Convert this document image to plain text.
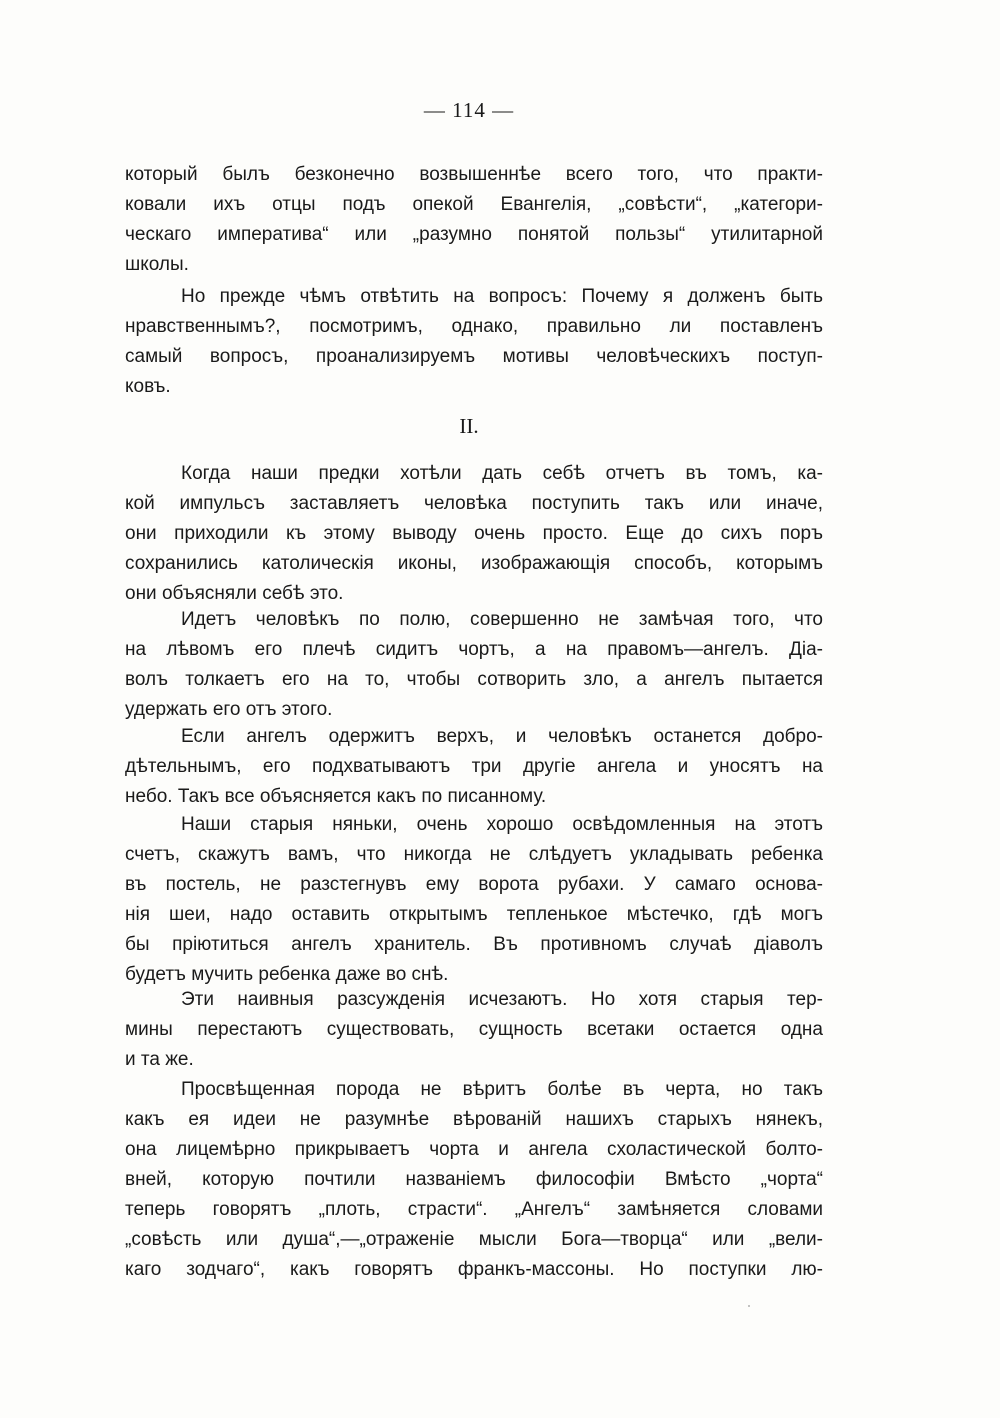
— 114 —
который былъ безконечно возвышеннѣе всего того, что практи-
ковали ихъ отцы подъ опекой Евангелія, „совѣсти“, „категори-
ческаго императива“ или „разумно понятой пользы“ утилитарной
школы.
Но прежде чѣмъ отвѣтить на вопросъ: Почему я долженъ быть
нравственнымъ?, посмотримъ, однако, правильно ли поставленъ
самый вопросъ, проанализируемъ мотивы человѣческихъ поступ-
ковъ.
II.
Когда наши предки хотѣли дать себѣ отчетъ въ томъ, ка-
кой импульсъ заставляетъ человѣка поступить такъ или иначе,
они приходили къ этому выводу очень просто. Еще до сихъ поръ
сохранились католическія иконы, изображающія способъ, которымъ
они объясняли себѣ это.
Идетъ человѣкъ по полю, совершенно не замѣчая того, что
на лѣвомъ его плечѣ сидитъ чортъ, а на правомъ—ангелъ. Діа-
волъ толкаетъ его на то, чтобы сотворить зло, а ангелъ пытается
удержать его отъ этого.
Если ангелъ одержитъ верхъ, и человѣкъ останется добро-
дѣтельнымъ, его подхватываютъ три другіе ангела и уносятъ на
небо. Такъ все объясняется какъ по писанному.
Наши старыя няньки, очень хорошо освѣдомленныя на этотъ
счетъ, скажутъ вамъ, что никогда не слѣдуетъ укладывать ребенка
въ постель, не разстегнувъ ему ворота рубахи. У самаго основа-
нія шеи, надо оставить открытымъ тепленькое мѣстечко, гдѣ могъ
бы пріютиться ангелъ хранитель. Въ противномъ случаѣ діаволъ
будетъ мучить ребенка даже во снѣ.
Эти наивныя разсужденія исчезаютъ. Но хотя старыя тер-
мины перестаютъ существовать, сущность всетаки остается одна
и та же.
Просвѣщенная порода не вѣритъ болѣе въ черта, но такъ
какъ ея идеи не разумнѣе вѣрованій нашихъ старыхъ нянекъ,
она лицемѣрно прикрываетъ чорта и ангела схоластической болто-
вней, которую почтили названіемъ философіи Вмѣсто „чорта“
теперь говорятъ „плоть, страсти“. „Ангелъ“ замѣняется словами
„совѣсть или душа“,—„отраженіе мысли Бога—творца“ или „вели-
каго зодчаго“, какъ говорятъ франкъ-массоны. Но поступки лю-
